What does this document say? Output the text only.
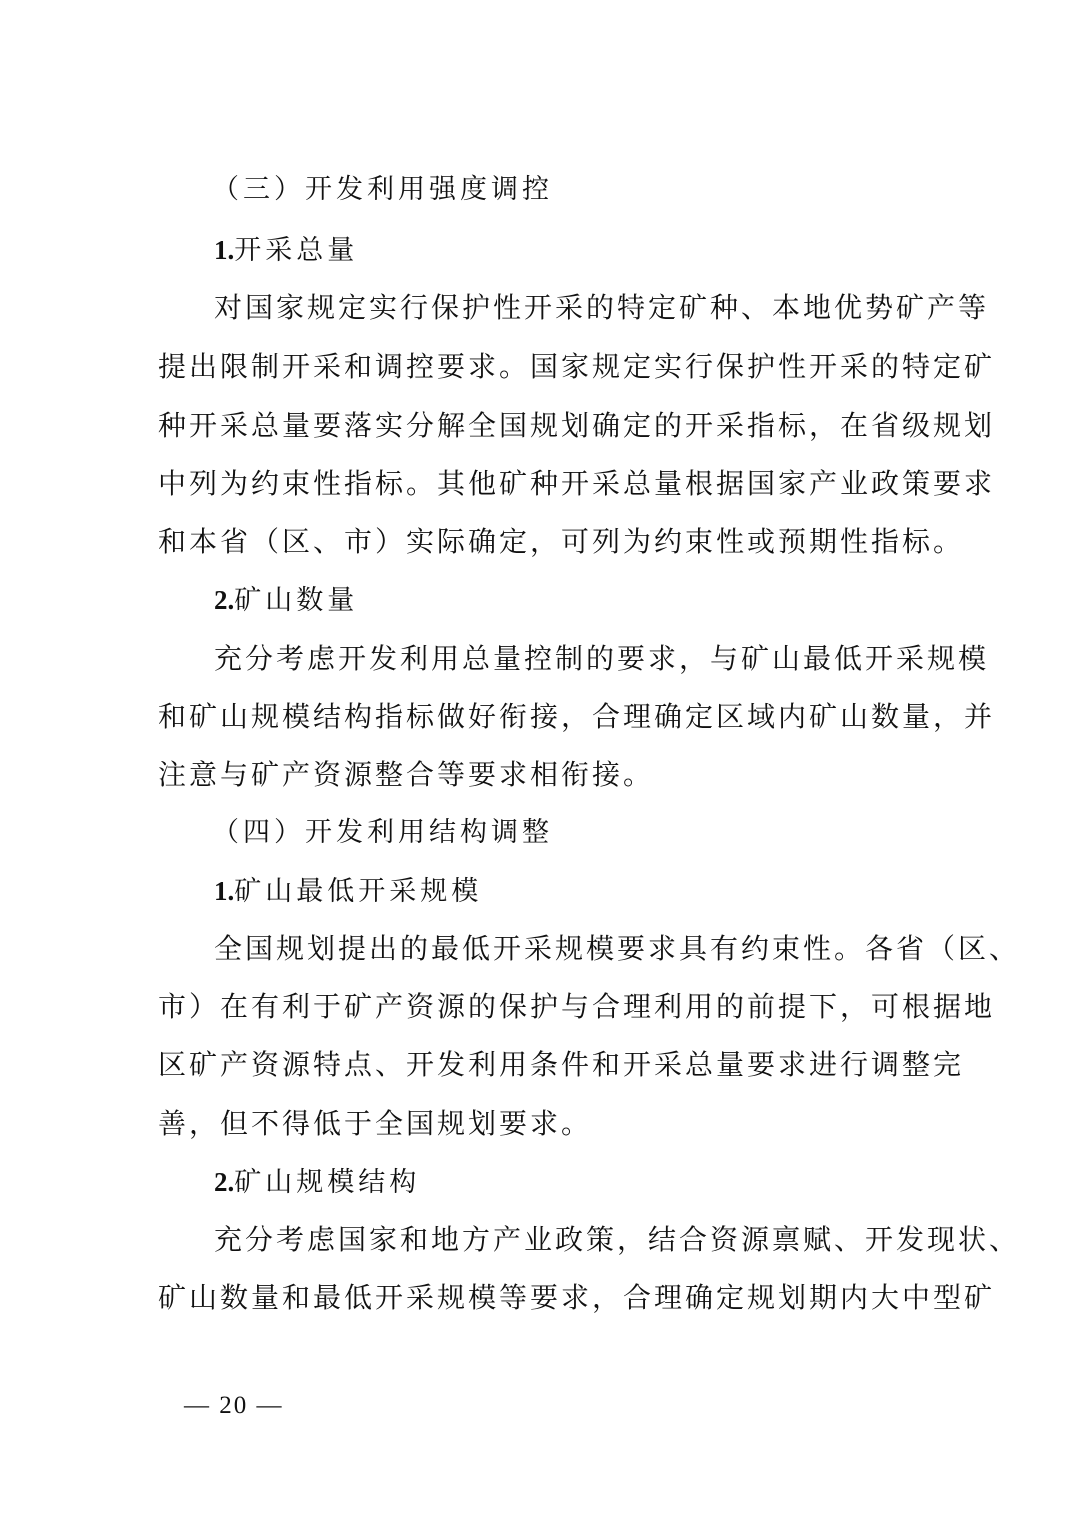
（三）开发利用强度调控
1.开采总量
对国家规定实行保护性开采的特定矿种、本地优势矿产等
提出限制开采和调控要求。国家规定实行保护性开采的特定矿
种开采总量要落实分解全国规划确定的开采指标，在省级规划
中列为约束性指标。其他矿种开采总量根据国家产业政策要求
和本省（区、市）实际确定，可列为约束性或预期性指标。
2.矿山数量
充分考虑开发利用总量控制的要求，与矿山最低开采规模
和矿山规模结构指标做好衔接，合理确定区域内矿山数量，并
注意与矿产资源整合等要求相衔接。
（四）开发利用结构调整
1.矿山最低开采规模
全国规划提出的最低开采规模要求具有约束性。各省（区、
市）在有利于矿产资源的保护与合理利用的前提下，可根据地
区矿产资源特点、开发利用条件和开采总量要求进行调整完
善，但不得低于全国规划要求。
2.矿山规模结构
充分考虑国家和地方产业政策，结合资源禀赋、开发现状、
矿山数量和最低开采规模等要求，合理确定规划期内大中型矿
— 20 —
